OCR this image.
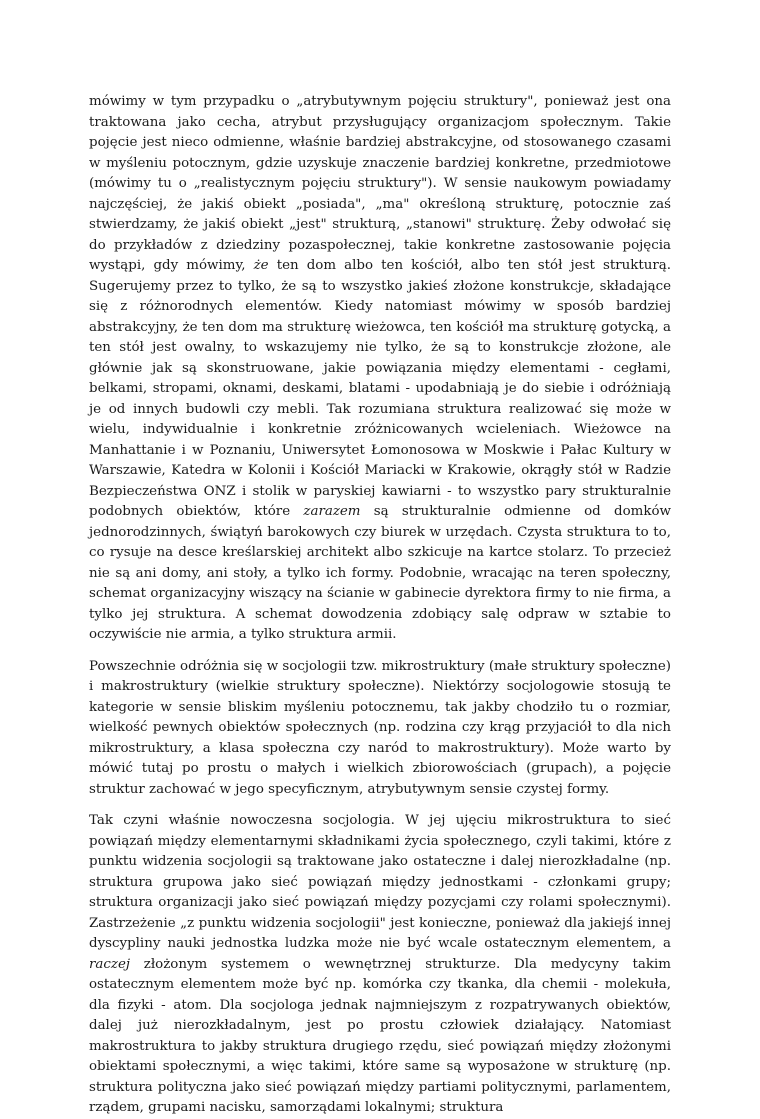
mówimy w tym przypadku o „atrybutywnym pojęciu struktury", ponieważ jest ona traktowana jako cecha, atrybut przysługujący organizacjom społecznym. Takie pojęcie jest nieco odmienne, właśnie bardziej abstrakcyjne, od stosowanego czasami w myśleniu potocznym, gdzie uzyskuje znaczenie bardziej konkretne, przedmiotowe (mówimy tu o „realistycznym pojęciu struktury"). W sensie naukowym powiadamy najczęściej, że jakiś obiekt „posiada", „ma" określoną strukturę, potocznie zaś stwierdzamy, że jakiś obiekt „jest" strukturą, „stanowi" strukturę. Żeby odwołać się do przykładów z dziedziny pozaspołecznej, takie konkretne zastosowanie pojęcia wystąpi, gdy mówimy, że ten dom albo ten kościół, albo ten stół jest strukturą. Sugerujemy przez to tylko, że są to wszystko jakieś złożone konstrukcje, składające się z różnorodnych elementów. Kiedy natomiast mówimy w sposób bardziej abstrakcyjny, że ten dom ma strukturę wieżowca, ten kościół ma strukturę gotycką, a ten stół jest owalny, to wskazujemy nie tylko, że są to konstrukcje złożone, ale głównie jak są skonstruowane, jakie powiązania między elementami - cegłami, belkami, stropami, oknami, deskami, blatami - upodabniają je do siebie i odróżniają je od innych budowli czy mebli. Tak rozumiana struktura realizować się może w wielu, indywidualnie i konkretnie zróżnicowanych wcieleniach. Wieżowce na Manhattanie i w Poznaniu, Uniwersytet Łomonosowa w Moskwie i Pałac Kultury w Warszawie, Katedra w Kolonii i Kościół Mariacki w Krakowie, okrągły stół w Radzie Bezpieczeństwa ONZ i stolik w paryskiej kawiarni - to wszystko pary strukturalnie podobnych obiektów, które zarazem są strukturalnie odmienne od domków jednorodzinnych, świątyń barokowych czy biurek w urzędach. Czysta struktura to to, co rysuje na desce kreślarskiej architekt albo szkicuje na kartce stolarz. To przecież nie są ani domy, ani stoły, a tylko ich formy. Podobnie, wracając na teren społeczny, schemat organizacyjny wiszący na ścianie w gabinecie dyrektora firmy to nie firma, a tylko jej struktura. A schemat dowodzenia zdobiący salę odpraw w sztabie to oczywiście nie armia, a tylko struktura armii.

Powszechnie odróżnia się w socjologii tzw. mikrostruktury (małe struktury społeczne) i makrostruktury (wielkie struktury społeczne). Niektórzy socjologowie stosują te kategorie w sensie bliskim myśleniu potocznemu, tak jakby chodziło tu o rozmiar, wielkość pewnych obiektów społecznych (np. rodzina czy krąg przyjaciół to dla nich mikrostruktury, a klasa społeczna czy naród to makrostruktury). Może warto by mówić tutaj po prostu o małych i wielkich zbiorowościach (grupach), a pojęcie struktur zachować w jego specyficznym, atrybutywnym sensie czystej formy.

Tak czyni właśnie nowoczesna socjologia. W jej ujęciu mikrostruktura to sieć powiązań między elementarnymi składnikami życia społecznego, czyli takimi, które z punktu widzenia socjologii są traktowane jako ostateczne i dalej nierozkładalne (np. struktura grupowa jako sieć powiązań między jednostkami - członkami grupy; struktura organizacji jako sieć powiązań między pozycjami czy rolami społecznymi). Zastrzeżenie „z punktu widzenia socjologii" jest konieczne, ponieważ dla jakiejś innej dyscypliny nauki jednostka ludzka może nie być wcale ostatecznym elementem, a raczej złożonym systemem o wewnętrznej strukturze. Dla medycyny takim ostatecznym elementem może być np. komórka czy tkanka, dla chemii - molekuła, dla fizyki - atom. Dla socjologa jednak najmniejszym z rozpatrywanych obiektów, dalej już nierozkładalnym, jest po prostu człowiek działający. Natomiast makrostruktura to jakby struktura drugiego rzędu, sieć powiązań między złożonymi obiektami społecznymi, a więc takimi, które same są wyposażone w strukturę (np. struktura polityczna jako sieć powiązań między partiami politycznymi, parlamentem, rządem, grupami nacisku, samorządami lokalnymi; struktura
